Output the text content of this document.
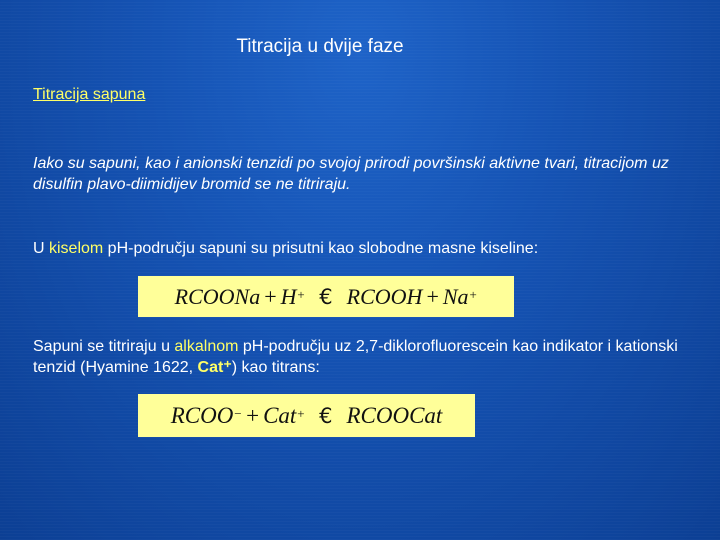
Titracija u dvije faze
Titracija sapuna
Iako su sapuni, kao i anionski tenzidi po svojoj prirodi površinski aktivne tvari, titracijom uz disulfin plavo-diimidijev bromid se ne titriraju.
U kiselom pH-području sapuni su prisutni kao slobodne masne kiseline:
RCOONa + H+ € RCOOH + Na+
Sapuni se titriraju u alkalnom pH-području uz 2,7-diklorofluorescein kao indikator i kationski tenzid (Hyamine 1622, Cat⁺) kao titrans:
RCOO− + Cat+ € RCOOCat
